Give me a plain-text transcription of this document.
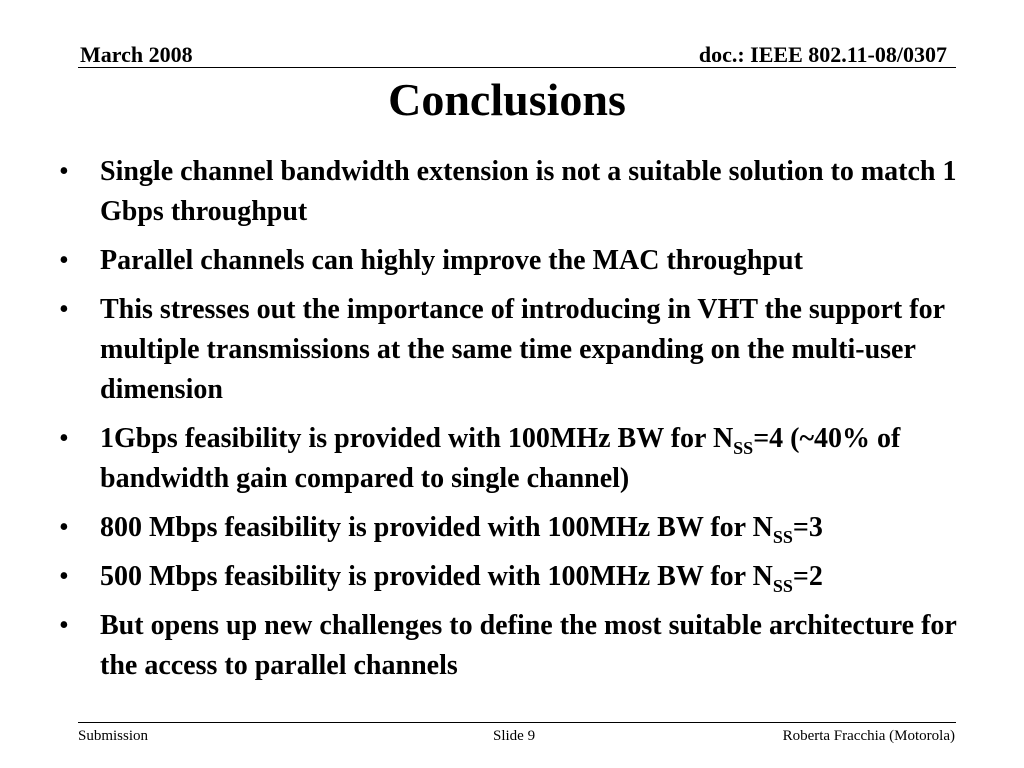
March 2008	doc.: IEEE 802.11-08/0307
Conclusions
• Single channel bandwidth extension is not a suitable solution to match 1 Gbps throughput
• Parallel channels can highly improve the MAC throughput
• This stresses out the importance of introducing in VHT the support for multiple transmissions at the same time expanding on the multi-user dimension
• 1Gbps feasibility is provided with 100MHz BW for $N_{SS}=4$ (~40% of bandwidth gain compared to single channel)
• 800 Mbps feasibility is provided with 100MHz BW for $N_{SS}=3$
• 500 Mbps feasibility is provided with 100MHz BW for $N_{SS}=2$
• But opens up new challenges to define the most suitable architecture for the access to parallel channels
Submission	Slide 9	Roberta Fracchia (Motorola)
